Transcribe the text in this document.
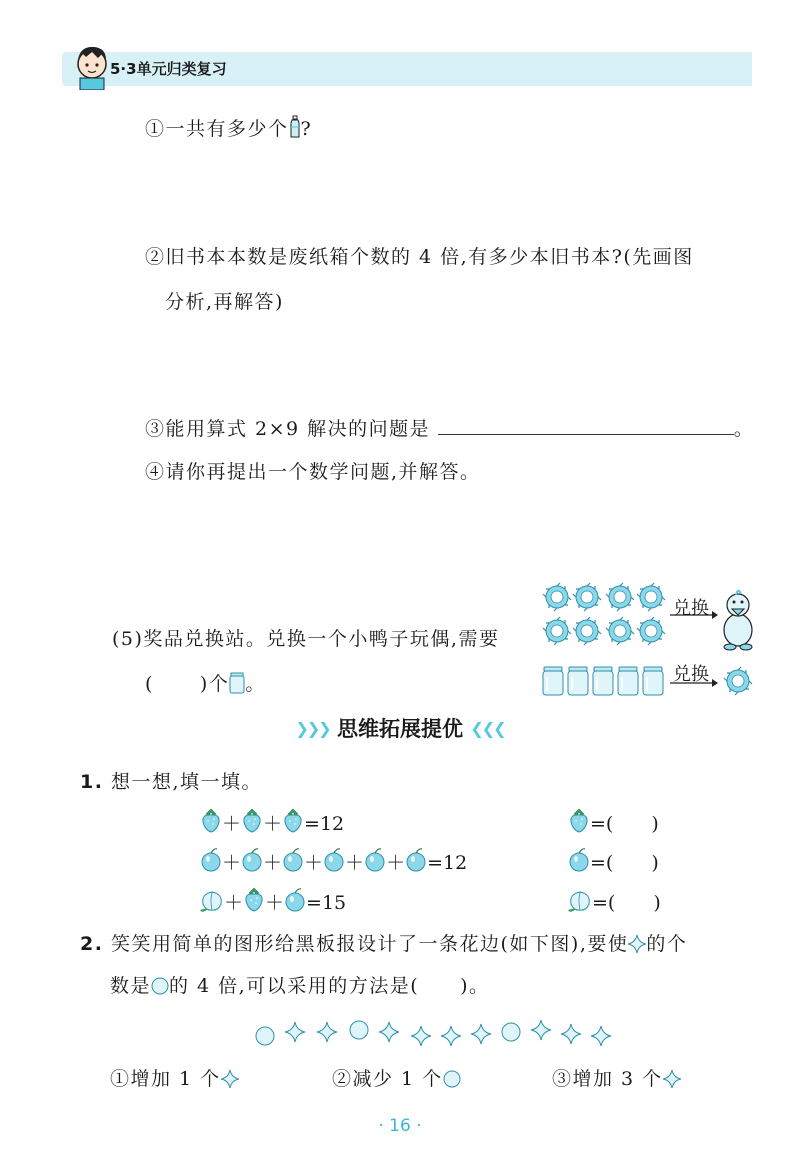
5·3单元归类复习
①一共有多少个 ?
②旧书本本数是废纸箱个数的 4 倍,有多少本旧书本?(先画图
分析,再解答)
③能用算式 2×9 解决的问题是	。
④请你再提出一个数学问题,并解答。
兑换
兑换
(5)奖品兑换站。兑换一个小鸭子玩偶,需要
( )个 。
❯❯❯ 思维拓展提优 ❮❮❮
1. 想一想,填一填。
＋ ＋ =12	=(　　)
＋ ＋ ＋ ＋ ＋ =12	=(　　)
＋ ＋ =15	=(　　)
2. 笑笑用简单的图形给黑板报设计了一条花边(如下图),要使 的个
数是 的 4 倍,可以采用的方法是(　　)。
①增加 1 个	②减少 1 个	③增加 3 个
· 16 ·
